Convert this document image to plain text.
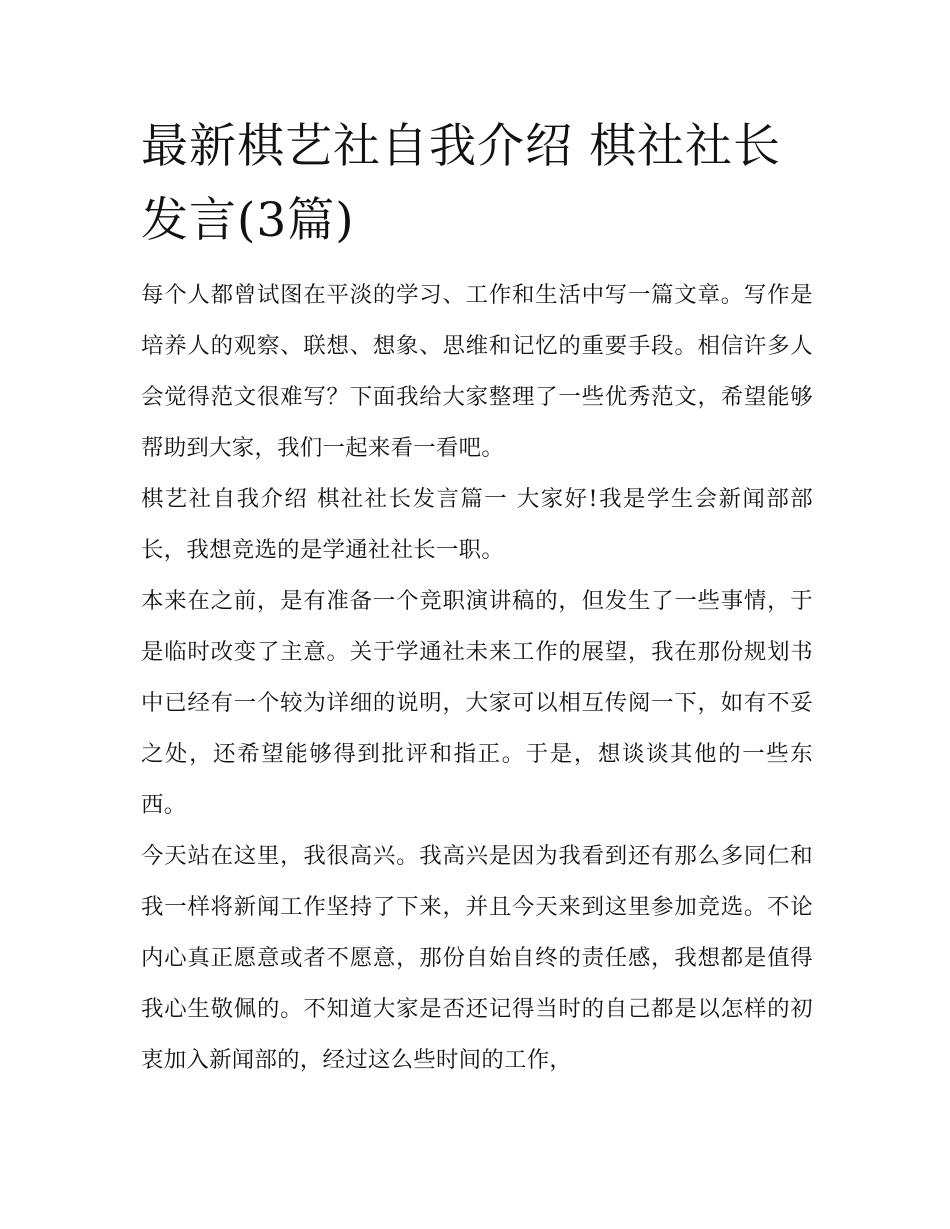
最新棋艺社自我介绍 棋社社长发言(3篇)

每个人都曾试图在平淡的学习、工作和生活中写一篇文章。写作是培养人的观察、联想、想象、思维和记忆的重要手段。相信许多人会觉得范文很难写？下面我给大家整理了一些优秀范文，希望能够帮助到大家，我们一起来看一看吧。

棋艺社自我介绍 棋社社长发言篇一 大家好!我是学生会新闻部部长，我想竞选的是学通社社长一职。

本来在之前，是有准备一个竞职演讲稿的，但发生了一些事情，于是临时改变了主意。关于学通社未来工作的展望，我在那份规划书中已经有一个较为详细的说明，大家可以相互传阅一下，如有不妥之处，还希望能够得到批评和指正。于是，想谈谈其他的一些东西。

今天站在这里，我很高兴。我高兴是因为我看到还有那么多同仁和我一样将新闻工作坚持了下来，并且今天来到这里参加竞选。不论内心真正愿意或者不愿意，那份自始自终的责任感，我想都是值得我心生敬佩的。不知道大家是否还记得当时的自己都是以怎样的初衷加入新闻部的，经过这么些时间的工作，
